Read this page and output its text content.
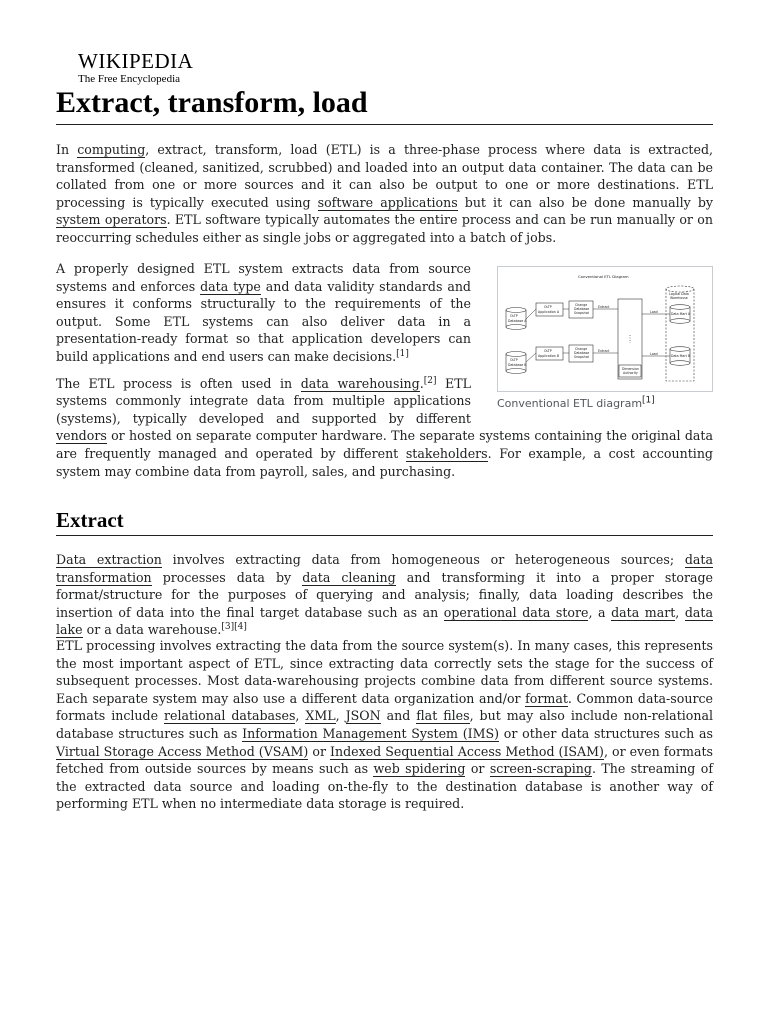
WIKIPEDIA
The Free Encyclopedia
Extract, transform, load

In computing, extract, transform, load (ETL) is a three-phase process where data is extracted, transformed (cleaned, sanitized, scrubbed) and loaded into an output data container. The data can be collated from one or more sources and it can also be output to one or more destinations. ETL processing is typically executed using software applications but it can also be done manually by system operators. ETL software typically automates the entire process and can be run manually or on reoccurring schedules either as single jobs or aggregated into a batch of jobs.

Conventional ETL Diagram
OLTP
Database A
OLTP
Database B
OLTP
Application A
OLTP
Application B
Change
Database
Snapshot
Change
Database
Snapshot
Dimension
Authority
Logical Data
Warehouse
Data Mart A
Data Mart B
Extract
Extract
Load
Load
Conventional ETL diagram[1]

A properly designed ETL system extracts data from source systems and enforces data type and data validity standards and ensures it conforms structurally to the requirements of the output. Some ETL systems can also deliver data in a presentation-ready format so that application developers can build applications and end users can make decisions.[1]

The ETL process is often used in data warehousing.[2] ETL systems commonly integrate data from multiple applications (systems), typically developed and supported by different vendors or hosted on separate computer hardware. The separate systems containing the original data are frequently managed and operated by different stakeholders. For example, a cost accounting system may combine data from payroll, sales, and purchasing.

Extract

Data extraction involves extracting data from homogeneous or heterogeneous sources; data transformation processes data by data cleaning and transforming it into a proper storage format/structure for the purposes of querying and analysis; finally, data loading describes the insertion of data into the final target database such as an operational data store, a data mart, data lake or a data warehouse.[3][4]

ETL processing involves extracting the data from the source system(s). In many cases, this represents the most important aspect of ETL, since extracting data correctly sets the stage for the success of subsequent processes. Most data-warehousing projects combine data from different source systems. Each separate system may also use a different data organization and/or format. Common data-source formats include relational databases, XML, JSON and flat files, but may also include non-relational database structures such as Information Management System (IMS) or other data structures such as Virtual Storage Access Method (VSAM) or Indexed Sequential Access Method (ISAM), or even formats fetched from outside sources by means such as web spidering or screen-scraping. The streaming of the extracted data source and loading on-the-fly to the destination database is another way of performing ETL when no intermediate data storage is required.
